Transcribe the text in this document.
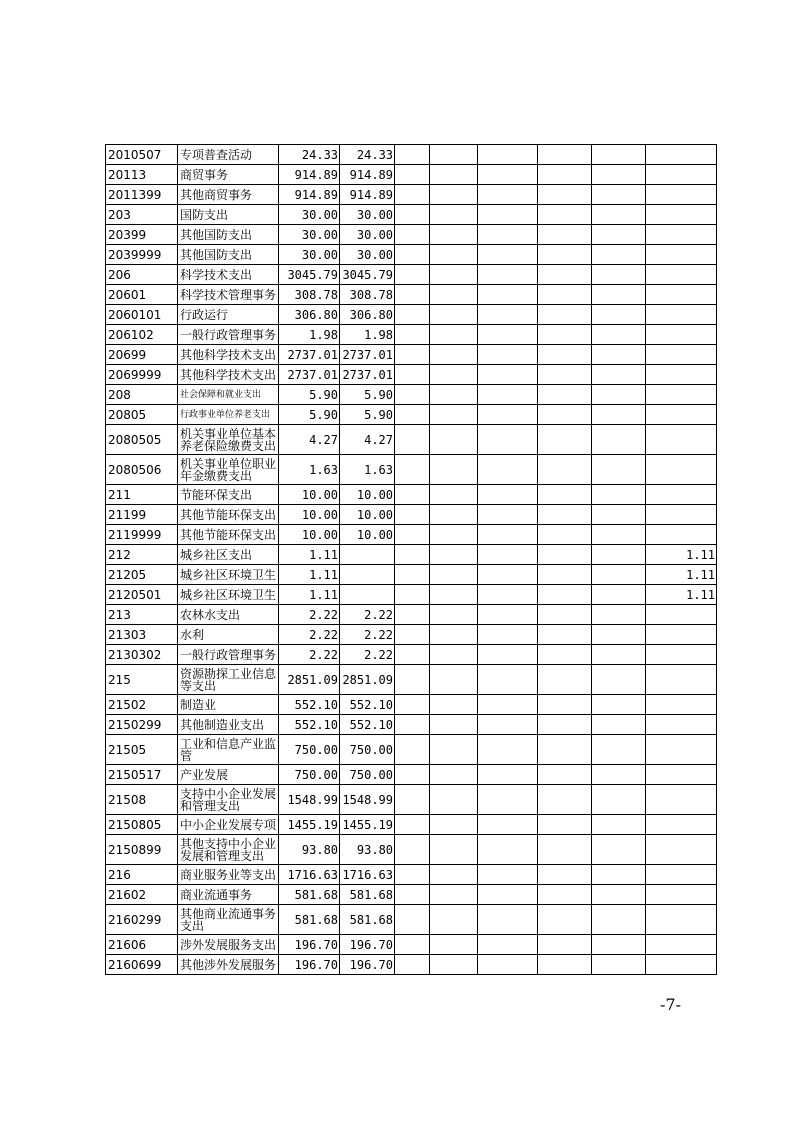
2010507	专项普查活动	24.33	24.33						
20113	商贸事务	914.89	914.89						
2011399	其他商贸事务	914.89	914.89						
203	国防支出	30.00	30.00						
20399	其他国防支出	30.00	30.00						
2039999	其他国防支出	30.00	30.00						
206	科学技术支出	3045.79	3045.79						
20601	科学技术管理事务	308.78	308.78						
2060101	行政运行	306.80	306.80						
206102	一般行政管理事务	1.98	1.98						
20699	其他科学技术支出	2737.01	2737.01						
2069999	其他科学技术支出	2737.01	2737.01						
208	社会保障和就业支出	5.90	5.90						
20805	行政事业单位养老支出	5.90	5.90						
2080505	机关事业单位基本养老保险缴费支出	4.27	4.27						
2080506	机关事业单位职业年金缴费支出	1.63	1.63						
211	节能环保支出	10.00	10.00						
21199	其他节能环保支出	10.00	10.00						
2119999	其他节能环保支出	10.00	10.00						
212	城乡社区支出	1.11							1.11
21205	城乡社区环境卫生	1.11							1.11
2120501	城乡社区环境卫生	1.11							1.11
213	农林水支出	2.22	2.22						
21303	水利	2.22	2.22						
2130302	一般行政管理事务	2.22	2.22						
215	资源勘探工业信息等支出	2851.09	2851.09						
21502	制造业	552.10	552.10						
2150299	其他制造业支出	552.10	552.10						
21505	工业和信息产业监管	750.00	750.00						
2150517	产业发展	750.00	750.00						
21508	支持中小企业发展和管理支出	1548.99	1548.99						
2150805	中小企业发展专项	1455.19	1455.19						
2150899	其他支持中小企业发展和管理支出	93.80	93.80						
216	商业服务业等支出	1716.63	1716.63						
21602	商业流通事务	581.68	581.68						
2160299	其他商业流通事务支出	581.68	581.68						
21606	涉外发展服务支出	196.70	196.70						
2160699	其他涉外发展服务	196.70	196.70						
-7-
